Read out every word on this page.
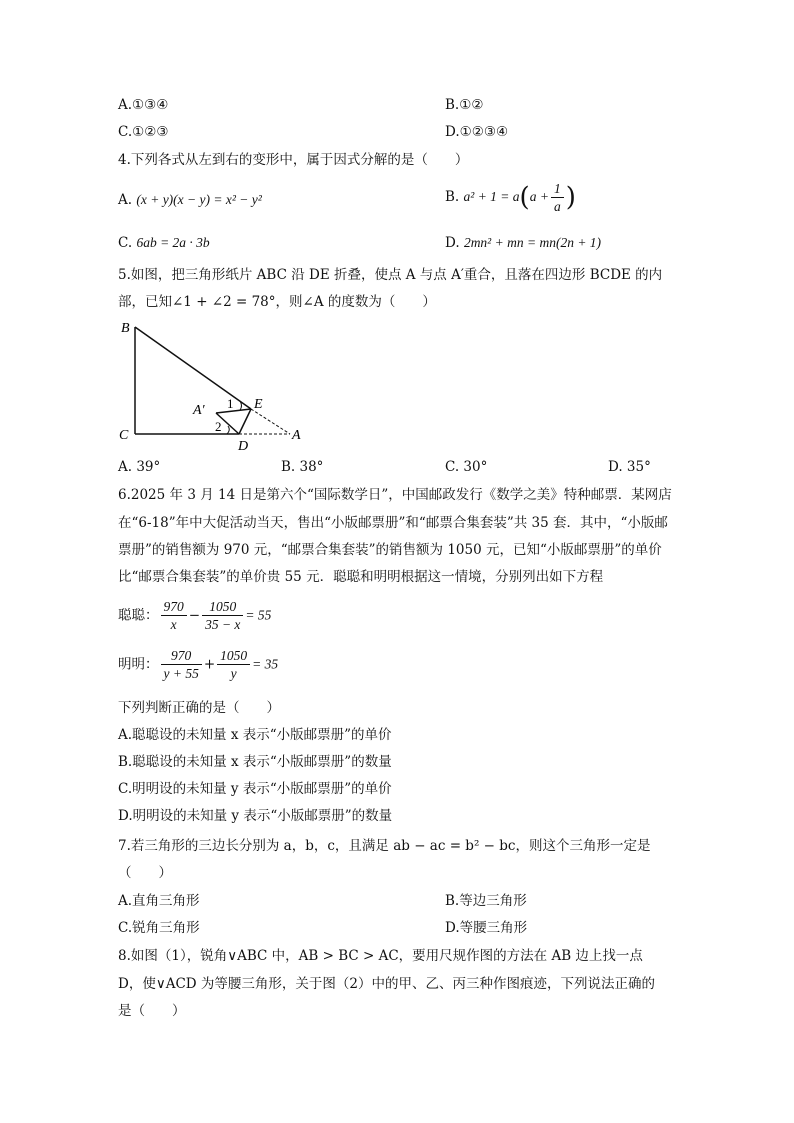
A.①③④	B.①②
C.①②③	D.①②③④
4.下列各式从左到右的变形中，属于因式分解的是（　　）
A. (x + y)(x − y) = x² − y²	B. $a^2 + 1 = a(a + \frac{1}{a}$ )
C. 6ab = 2a · 3b	D. 2mn² + mn = mn(2n + 1)
5.如图，把三角形纸片 ABC 沿 DE 折叠，使点 A 与点 A′重合，且落在四边形 BCDE 的内
部，已知∠1 + ∠2 = 78°，则∠A 的度数为（　　）
B
C
A′	E
D
A
1
2
A. 39°	B. 38°	C. 30°	D. 35°
6.2025 年 3 月 14 日是第六个“国际数学日”，中国邮政发行《数学之美》特种邮票．某网店
在“6-18”年中大促活动当天，售出“小版邮票册”和“邮票合集套装”共 35 套．其中，“小版邮
票册”的销售额为 970 元，“邮票合集套装”的销售额为 1050 元，已知“小版邮票册”的单价
比“邮票合集套装”的单价贵 55 元．聪聪和明明根据这一情境，分别列出如下方程
聪聪： $\frac{970}{x} - \frac{1050}{35 - x} = 55$
明明： $\frac{970}{y + 55} + \frac{1050}{y} = 35$
下列判断正确的是（　　）
A.聪聪设的未知量 x 表示“小版邮票册”的单价
B.聪聪设的未知量 x 表示“小版邮票册”的数量
C.明明设的未知量 y 表示“小版邮票册”的单价
D.明明设的未知量 y 表示“小版邮票册”的数量
7.若三角形的三边长分别为 a，b，c，且满足 ab − ac = b² − bc，则这个三角形一定是
（　　）
A.直角三角形	B.等边三角形
C.锐角三角形	D.等腰三角形
8.如图（1），锐角∨ABC 中，AB > BC > AC，要用尺规作图的方法在 AB 边上找一点
D，使∨ACD 为等腰三角形，关于图（2）中的甲、乙、丙三种作图痕迹，下列说法正确的
是（　　）
